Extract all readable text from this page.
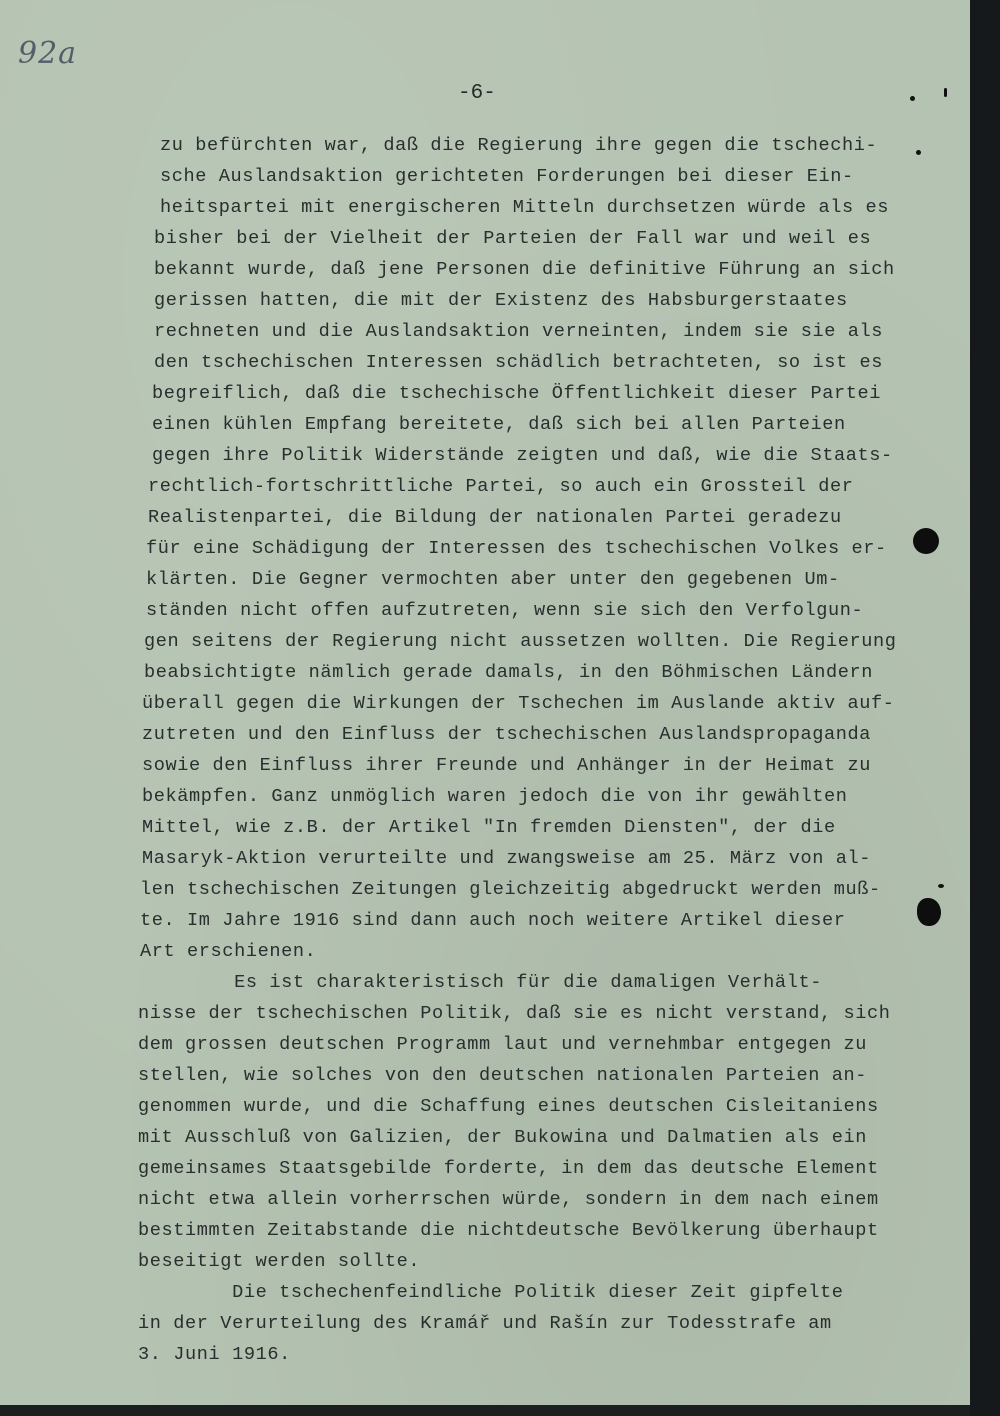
92a
-6-
zu befürchten war, daß die Regierung ihre gegen die tschechi-
sche Auslandsaktion gerichteten Forderungen bei dieser Ein-
heitspartei mit energischeren Mitteln durchsetzen würde als es
bisher bei der Vielheit der Parteien der Fall war und weil es
bekannt wurde, daß jene Personen die definitive Führung an sich
gerissen hatten, die mit der Existenz des Habsburgerstaates
rechneten und die Auslandsaktion verneinten, indem sie sie als
den tschechischen Interessen schädlich betrachteten, so ist es
begreiflich, daß die tschechische Öffentlichkeit dieser Partei
einen kühlen Empfang bereitete, daß sich bei allen Parteien
gegen ihre Politik Widerstände zeigten und daß, wie die Staats-
rechtlich-fortschrittliche Partei, so auch ein Grossteil der
Realistenpartei, die Bildung der nationalen Partei geradezu
für eine Schädigung der Interessen des tschechischen Volkes er-
klärten. Die Gegner vermochten aber unter den gegebenen Um-
ständen nicht offen aufzutreten, wenn sie sich den Verfolgun-
gen seitens der Regierung nicht aussetzen wollten. Die Regierung
beabsichtigte nämlich gerade damals, in den Böhmischen Ländern
überall gegen die Wirkungen der Tschechen im Auslande aktiv auf-
zutreten und den Einfluss der tschechischen Auslandspropaganda
sowie den Einfluss ihrer Freunde und Anhänger in der Heimat zu
bekämpfen. Ganz unmöglich waren jedoch die von ihr gewählten
Mittel, wie z.B. der Artikel "In fremden Diensten", der die
Masaryk-Aktion verurteilte und zwangsweise am 25. März von al-
len tschechischen Zeitungen gleichzeitig abgedruckt werden muß-
te. Im Jahre 1916 sind dann auch noch weitere Artikel dieser
Art erschienen.
Es ist charakteristisch für die damaligen Verhält-
nisse der tschechischen Politik, daß sie es nicht verstand, sich
dem grossen deutschen Programm laut und vernehmbar entgegen zu
stellen, wie solches von den deutschen nationalen Parteien an-
genommen wurde, und die Schaffung eines deutschen Cisleitaniens
mit Ausschluß von Galizien, der Bukowina und Dalmatien als ein
gemeinsames Staatsgebilde forderte, in dem das deutsche Element
nicht etwa allein vorherrschen würde, sondern in dem nach einem
bestimmten Zeitabstande die nichtdeutsche Bevölkerung überhaupt
beseitigt werden sollte.
Die tschechenfeindliche Politik dieser Zeit gipfelte
in der Verurteilung des Kramář und Rašín zur Todesstrafe am
3. Juni 1916.
